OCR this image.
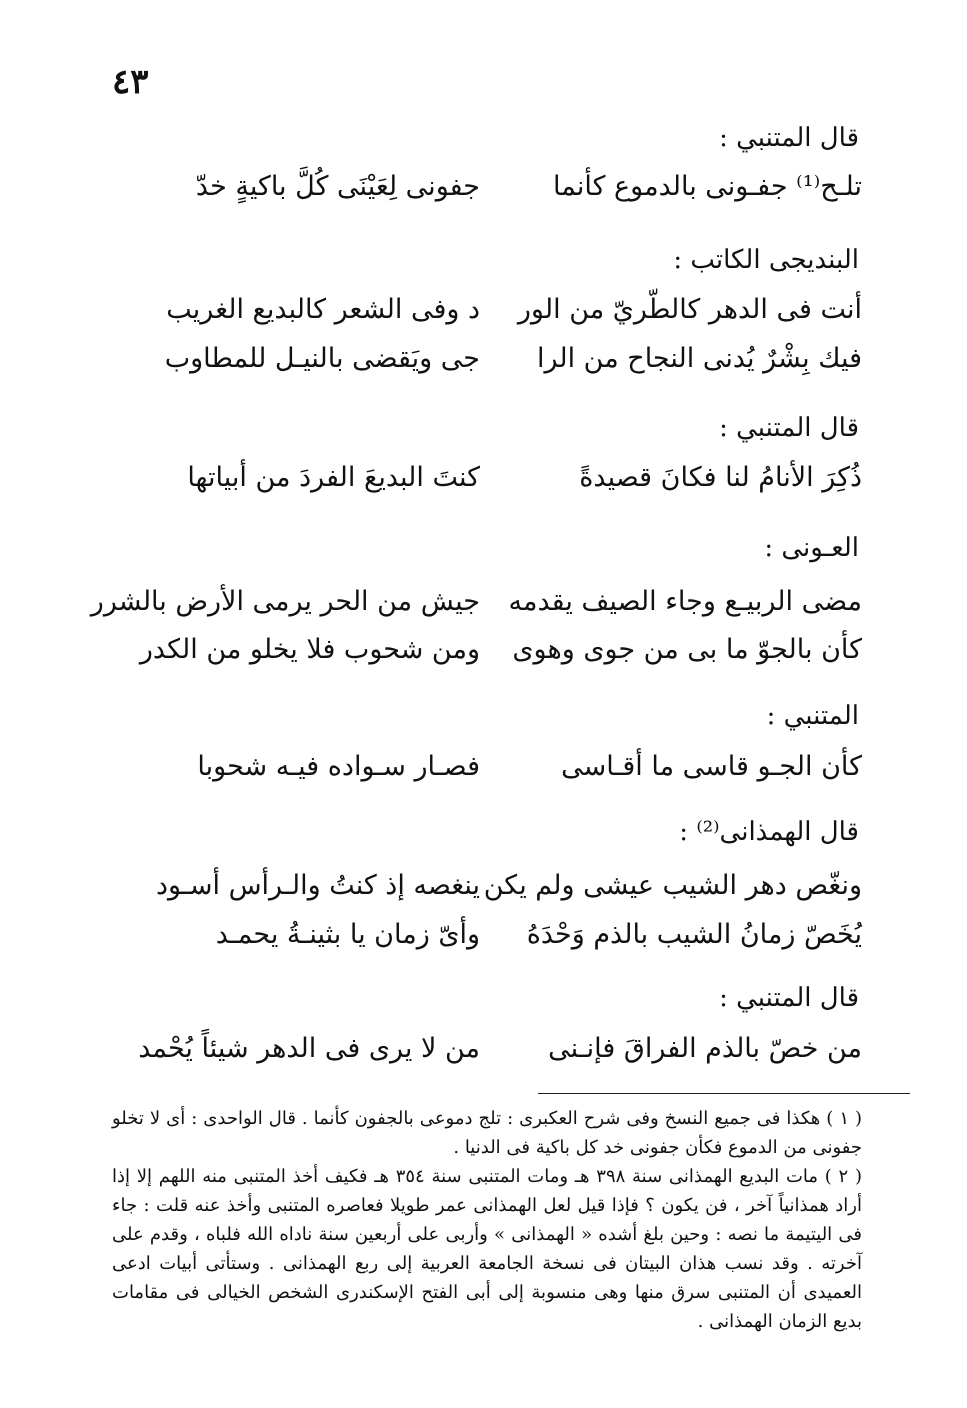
٤٣
قال المتنبي :
تلـح⁽¹⁾ جفـونى بالدموع كأنما
جفونى لِعَيْنَى كُلَّ باكيةٍ خدّ
البنديجى الكاتب :
أنت فى الدهر كالطّريّ من الور
د وفى الشعر كالبديع الغريب
فيك بِشْرٌ يُدنى النجاح من الرا
جى ويَقضى بالنيـل للمطاوب
قال المتنبي :
ذُكِرَ الأنامُ لنا فكانَ قصيدةً
كنتَ البديعَ الفردَ من أبياتها
العـونى :
مضى الربيـع وجاء الصيف يقدمه
جيش من الحر يرمى الأرض بالشرر
كأن بالجوّ ما بى من جوى وهوى
ومن شحوب فلا يخلو من الكدر
المتنبي :
كأن الجـو قاسى ما أقـاسى
فصـار سـواده فيـه شحوبا
قال الهمذانى⁽²⁾ :
ونغّص دهر الشيب عيشى ولم يكن
ينغصه إذ كنتُ والـرأس أسـود
يُخَصّ زمانُ الشيب بالذم وَحْدَهُ
وأىّ زمان يا بثينـةُ يحمـد
قال المتنبي :
من خصّ بالذم الفراقَ فإنـنى
من لا يرى فى الدهر شيئاً يُحْمد

( ١ ) هكذا فى جميع النسخ وفى شرح العكبرى : تلج دموعى بالجفون كأنما . قال الواحدى : أى لا تخلو جفونى من الدموع فكأن جفونى خد كل باكية فى الدنيا .

( ٢ ) مات البديع الهمذانى سنة ٣٩٨ هـ ومات المتنبى سنة ٣٥٤ هـ فكيف أخذ المتنبى منه اللهم إلا إذا أراد همذانياً آخر ، فن يكون ؟ فإذا قيل لعل الهمذانى عمر طويلا فعاصره المتنبى وأخذ عنه قلت : جاء فى اليتيمة ما نصه : وحين بلغ أشده « الهمذانى » وأربى على أربعين سنة ناداه الله فلباه ، وقدم على آخرته . وقد نسب هذان البيتان فى نسخة الجامعة العربية إلى ربع الهمذانى . وستأتى أبيات ادعى العميدى أن المتنبى سرق منها وهى منسوبة إلى أبى الفتح الإسكندرى الشخص الخيالى فى مقامات بديع الزمان الهمذانى .
